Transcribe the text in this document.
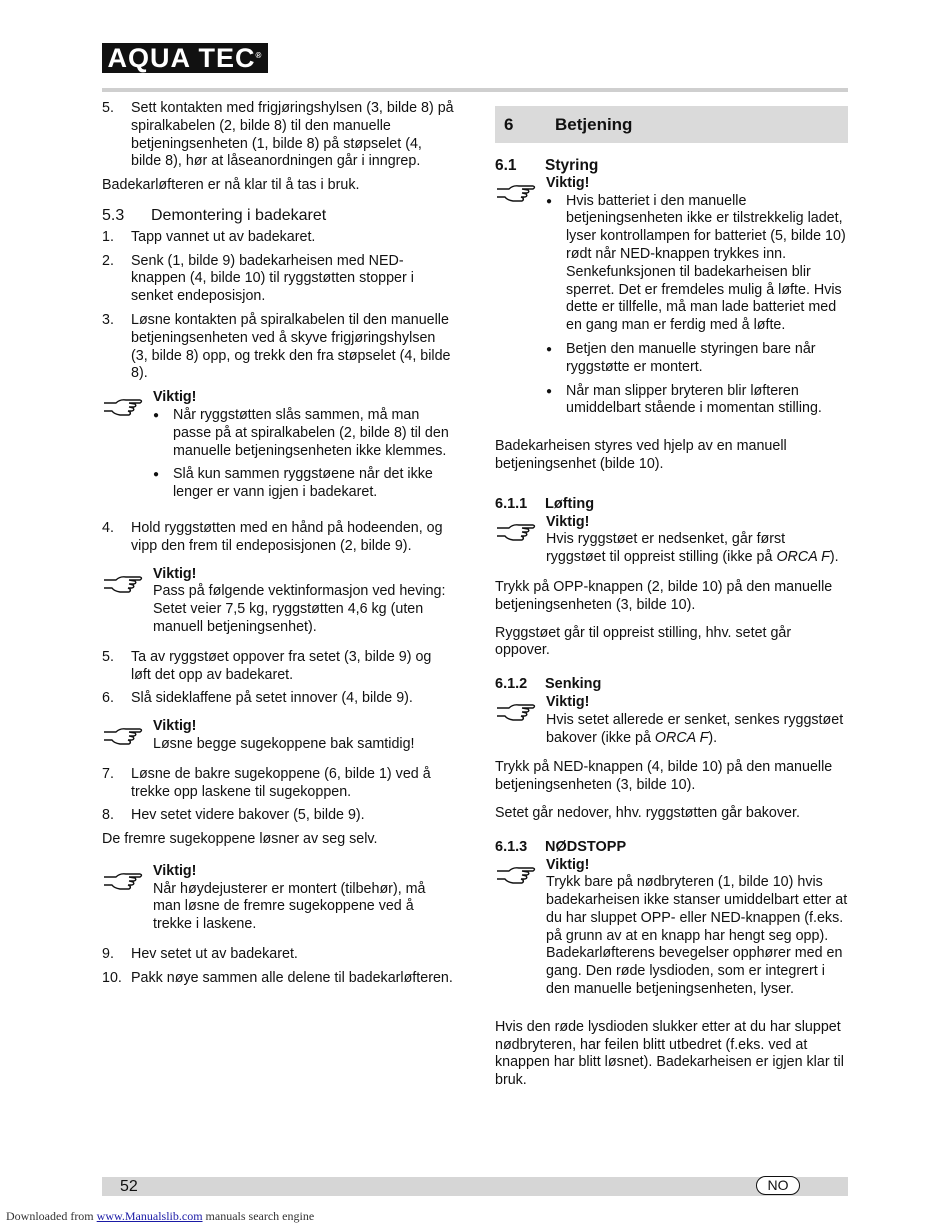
AQUA TEC®
5.	Sett kontakten med frigjøringshylsen (3, bilde 8) på spiralkabelen (2, bilde 8) til den manuelle betjeningsenheten (1, bilde 8) på støpselet (4, bilde 8), hør at låseanordningen går i inngrep.

Badekarløfteren er nå klar til å tas i bruk.

5.3	Demontering i badekaret
1.	Tapp vannet ut av badekaret.
2.	Senk (1, bilde 9) badekarheisen med NED-knappen (4, bilde 10) til ryggstøtten stopper i senket endeposisjon.
3.	Løsne kontakten på spiralkabelen til den manuelle betjeningsenheten ved å skyve frigjøringshylsen (3, bilde 8) opp, og trekk den fra støpselet (4, bilde 8).
Viktig!
● Når ryggstøtten slås sammen, må man passe på at spiralkabelen (2, bilde 8) til den manuelle betjeningsenheten ikke klemmes.
● Slå kun sammen ryggstøene når det ikke lenger er vann igjen i badekaret.
4.	Hold ryggstøtten med en hånd på hodeenden, og vipp den frem til endeposisjonen (2, bilde 9).
Viktig!

Pass på følgende vektinformasjon ved heving: Setet veier 7,5 kg, ryggstøtten 4,6 kg (uten manuell betjeningsenhet).

5.	Ta av ryggstøet oppover fra setet (3, bilde 9) og løft det opp av badekaret.
6.	Slå sideklaffene på setet innover (4, bilde 9).
Viktig!

Løsne begge sugekoppene bak samtidig!

7.	Løsne de bakre sugekoppene (6, bilde 1) ved å trekke opp laskene til sugekoppen.
8.	Hev setet videre bakover (5, bilde 9).

De fremre sugekoppene løsner av seg selv.

Viktig!

Når høydejusterer er montert (tilbehør), må man løsne de fremre sugekoppene ved å trekke i laskene.

9.	Hev setet ut av badekaret.
10. Pakk nøye sammen alle delene til badekarløfteren.
6	Betjening
6.1	Styring
Viktig!
● Hvis batteriet i den manuelle betjeningsenheten ikke er tilstrekkelig ladet, lyser kontrollampen for batteriet (5, bilde 10) rødt når NED-knappen trykkes inn. Senkefunksjonen til badekarheisen blir sperret. Det er fremdeles mulig å løfte. Hvis dette er tillfelle, må man lade batteriet med en gang man er ferdig med å løfte.
● Betjen den manuelle styringen bare når ryggstøtte er montert.
● Når man slipper bryteren blir løfteren umiddelbart stående i momentan stilling.

Badekarheisen styres ved hjelp av en manuell betjeningsenhet (bilde 10).

6.1.1	Løfting
Viktig!

Hvis ryggstøet er nedsenket, går først ryggstøet til oppreist stilling (ikke på ORCA F).

Trykk på OPP-knappen (2, bilde 10) på den manuelle betjeningsenheten (3, bilde 10).

Ryggstøet går til oppreist stilling, hhv. setet går oppover.

6.1.2	Senking
Viktig!

Hvis setet allerede er senket, senkes ryggstøet bakover (ikke på ORCA F).

Trykk på NED-knappen (4, bilde 10) på den manuelle betjeningsenheten (3, bilde 10).

Setet går nedover, hhv. ryggstøtten går bakover.

6.1.3	NØDSTOPP
Viktig!

Trykk bare på nødbryteren (1, bilde 10) hvis badekarheisen ikke stanser umiddelbart etter at du har sluppet OPP- eller NED-knappen (f.eks. på grunn av at en knapp har hengt seg opp). Badekarløfterens bevegelser opphører med en gang. Den røde lysdioden, som er integrert i den manuelle betjeningsenheten, lyser.

Hvis den røde lysdioden slukker etter at du har sluppet nødbryteren, har feilen blitt utbedret (f.eks. ved at knappen har blitt løsnet). Badekarheisen er igjen klar til bruk.

52	NO
Downloaded from www.Manualslib.com manuals search engine
